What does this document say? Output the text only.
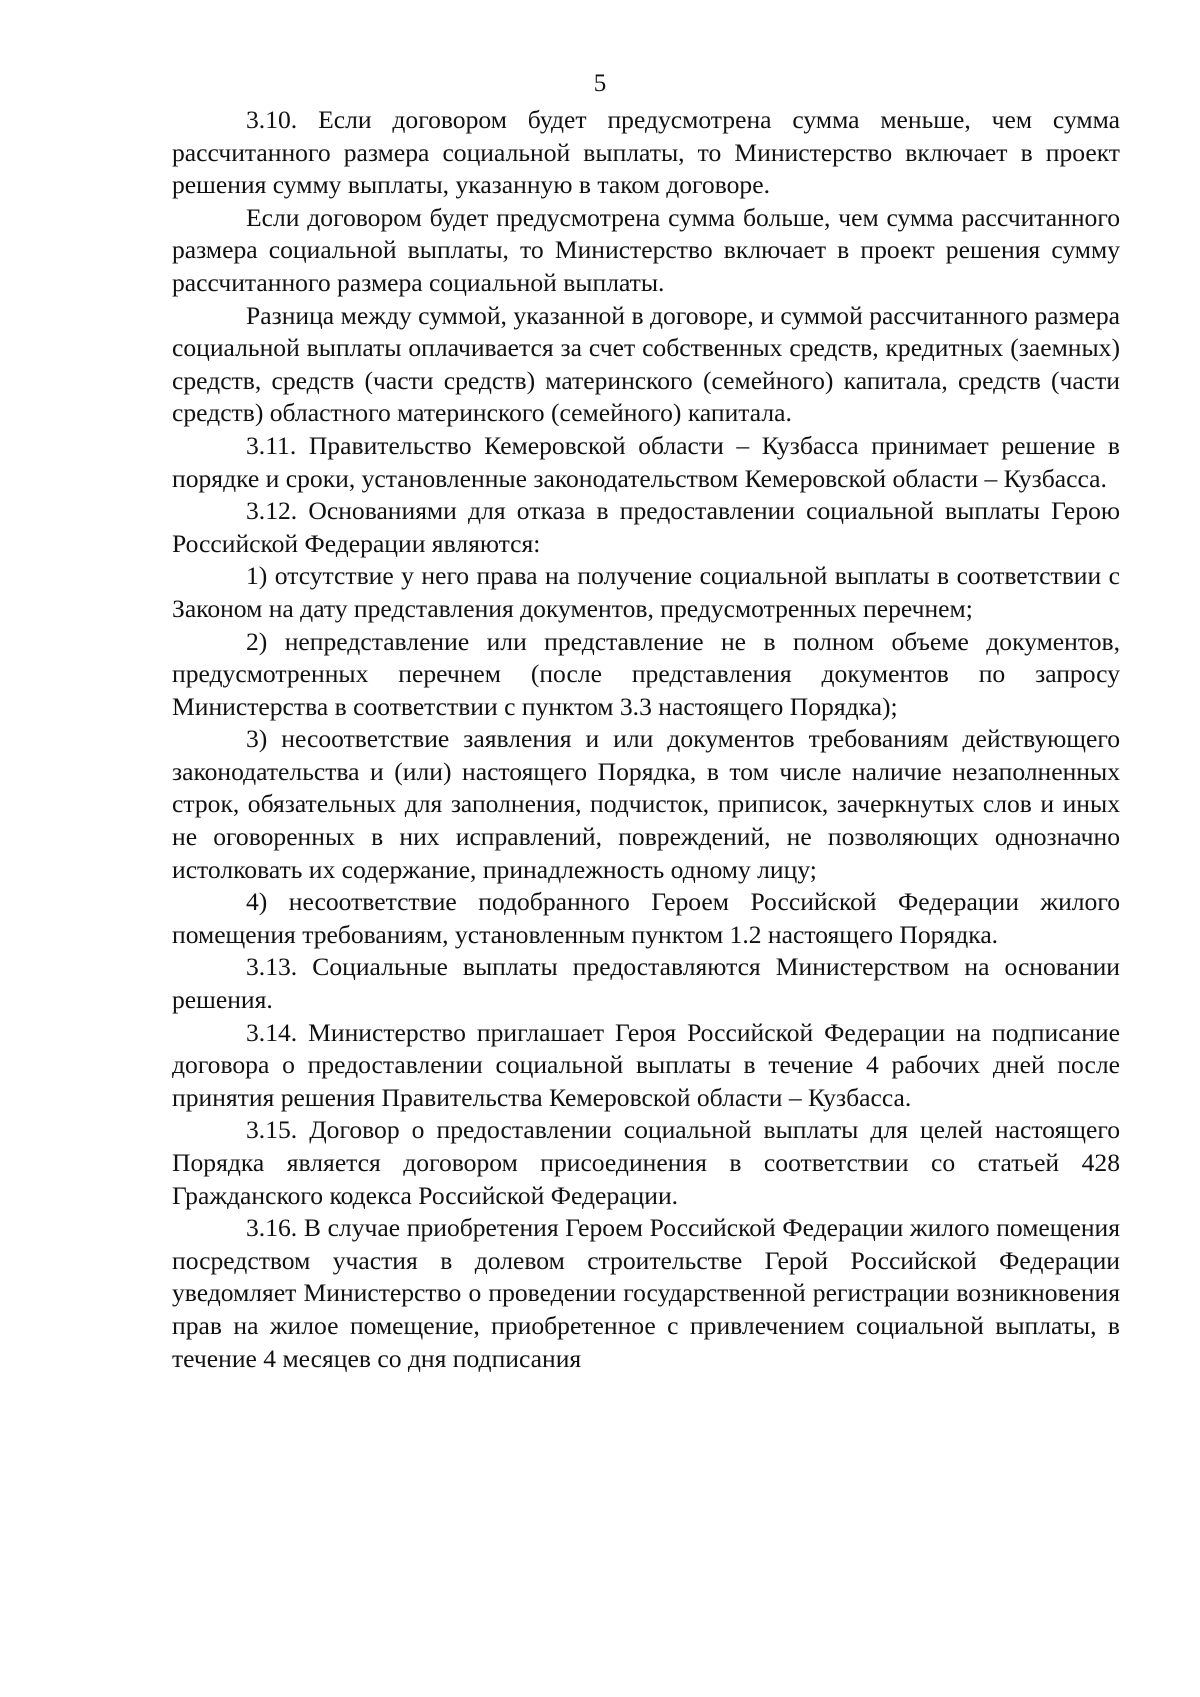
5

3.10. Если договором будет предусмотрена сумма меньше, чем сумма рассчитанного размера социальной выплаты, то Министерство включает в проект решения сумму выплаты, указанную в таком договоре.

Если договором будет предусмотрена сумма больше, чем сумма рассчитанного размера социальной выплаты, то Министерство включает в проект решения сумму рассчитанного размера социальной выплаты.

Разница между суммой, указанной в договоре, и суммой рассчитанного размера социальной выплаты оплачивается за счет собственных средств, кредитных (заемных) средств, средств (части средств) материнского (семейного) капитала, средств (части средств) областного материнского (семейного) капитала.

3.11. Правительство Кемеровской области – Кузбасса принимает решение в порядке и сроки, установленные законодательством Кемеровской области – Кузбасса.

3.12. Основаниями для отказа в предоставлении социальной выплаты Герою Российской Федерации являются:

1) отсутствие у него права на получение социальной выплаты в соответствии с Законом на дату представления документов, предусмотренных перечнем;

2) непредставление или представление не в полном объеме документов, предусмотренных перечнем (после представления документов по запросу Министерства в соответствии с пунктом 3.3 настоящего Порядка);

3) несоответствие заявления и или документов требованиям действующего законодательства и (или) настоящего Порядка, в том числе наличие незаполненных строк, обязательных для заполнения, подчисток, приписок, зачеркнутых слов и иных не оговоренных в них исправлений, повреждений, не позволяющих однозначно истолковать их содержание, принадлежность одному лицу;

4) несоответствие подобранного Героем Российской Федерации жилого помещения требованиям, установленным пунктом 1.2 настоящего Порядка.

3.13. Социальные выплаты предоставляются Министерством на основании решения.

3.14. Министерство приглашает Героя Российской Федерации на подписание договора о предоставлении социальной выплаты в течение 4 рабочих дней после принятия решения Правительства Кемеровской области – Кузбасса.

3.15. Договор о предоставлении социальной выплаты для целей настоящего Порядка является договором присоединения в соответствии со статьей 428 Гражданского кодекса Российской Федерации.

3.16. В случае приобретения Героем Российской Федерации жилого помещения посредством участия в долевом строительстве Герой Российской Федерации уведомляет Министерство о проведении государственной регистрации возникновения прав на жилое помещение, приобретенное с привлечением социальной выплаты, в течение 4 месяцев со дня подписания
